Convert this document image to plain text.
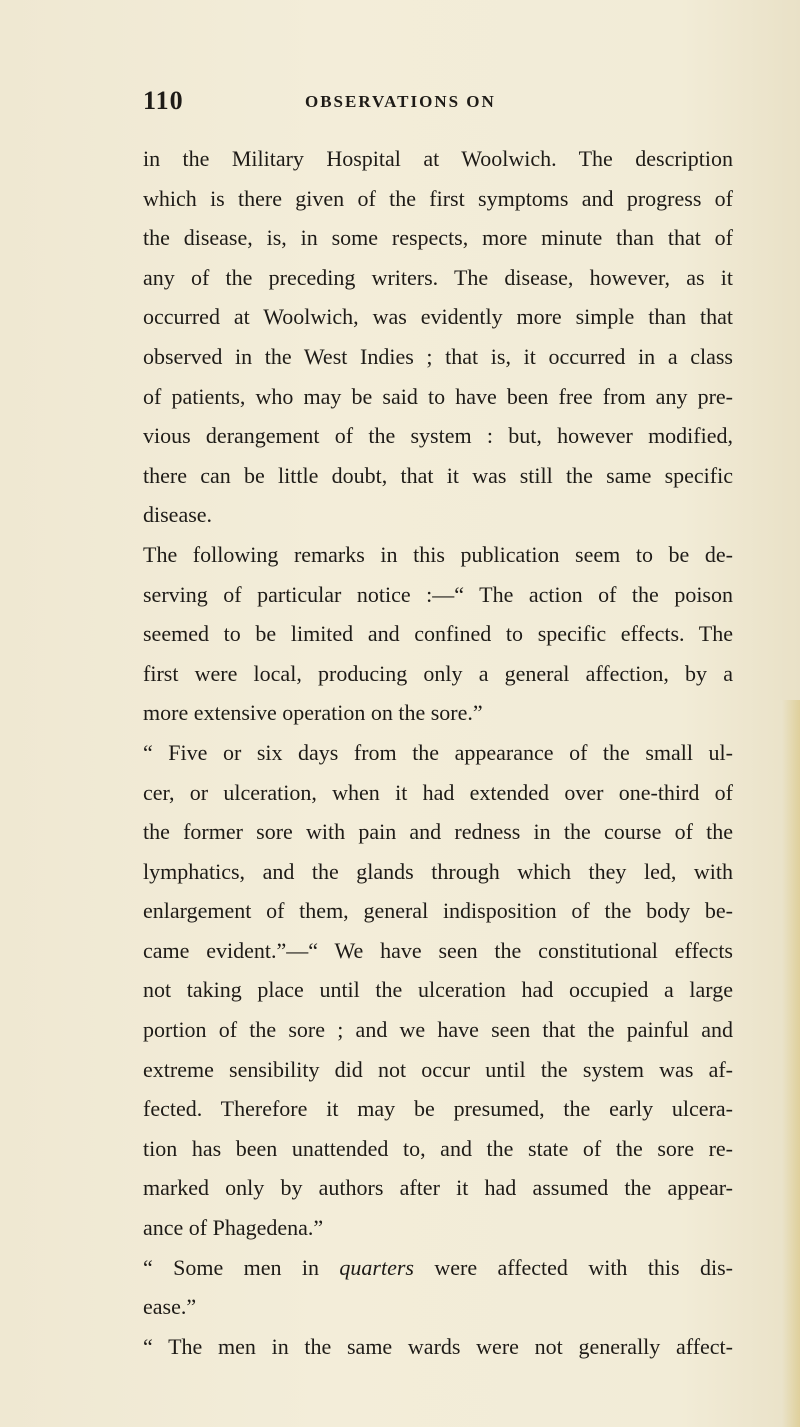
110	OBSERVATIONS ON
in the Military Hospital at Woolwich. The description
which is there given of the first symptoms and progress of
the disease, is, in some respects, more minute than that of
any of the preceding writers. The disease, however, as it
occurred at Woolwich, was evidently more simple than that
observed in the West Indies ; that is, it occurred in a class
of patients, who may be said to have been free from any pre-
vious derangement of the system : but, however modified,
there can be little doubt, that it was still the same specific
disease.
The following remarks in this publication seem to be de-
serving of particular notice :—“ The action of the poison
seemed to be limited and confined to specific effects. The
first were local, producing only a general affection, by a
more extensive operation on the sore.”
“ Five or six days from the appearance of the small ul-
cer, or ulceration, when it had extended over one-third of
the former sore with pain and redness in the course of the
lymphatics, and the glands through which they led, with
enlargement of them, general indisposition of the body be-
came evident.”—“ We have seen the constitutional effects
not taking place until the ulceration had occupied a large
portion of the sore ; and we have seen that the painful and
extreme sensibility did not occur until the system was af-
fected. Therefore it may be presumed, the early ulcera-
tion has been unattended to, and the state of the sore re-
marked only by authors after it had assumed the appear-
ance of Phagedena.”
“ Some men in quarters were affected with this dis-
ease.”
“ The men in the same wards were not generally affect-
